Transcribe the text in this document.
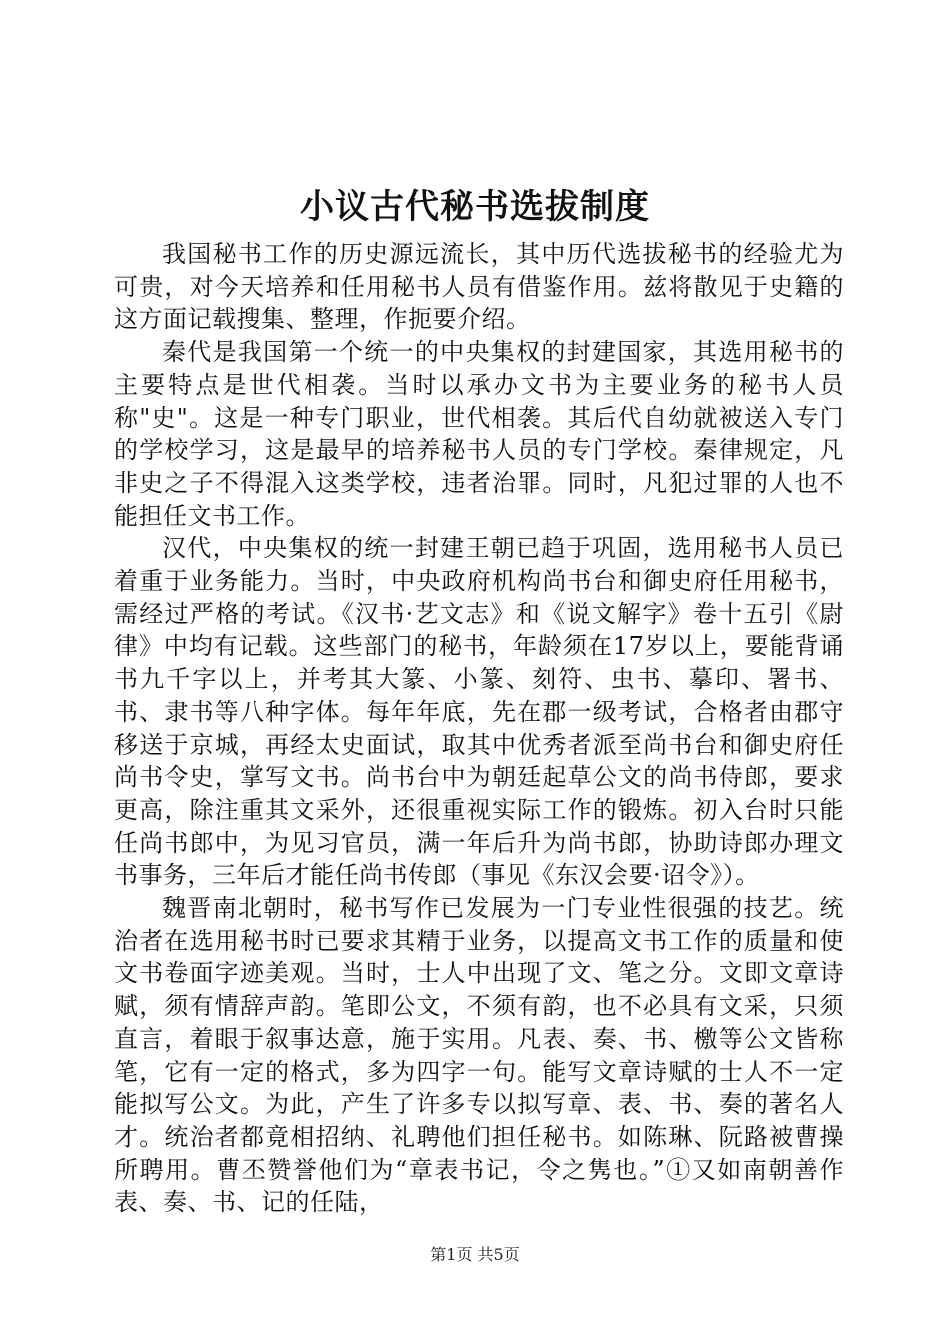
小议古代秘书选拔制度

我国秘书工作的历史源远流长，其中历代选拔秘书的经验尤为可贵，对今天培养和任用秘书人员有借鉴作用。兹将散见于史籍的这方面记载搜集、整理，作扼要介绍。

秦代是我国第一个统一的中央集权的封建国家，其选用秘书的主要特点是世代相袭。当时以承办文书为主要业务的秘书人员称"史"。这是一种专门职业，世代相袭。其后代自幼就被送入专门的学校学习，这是最早的培养秘书人员的专门学校。秦律规定，凡非史之子不得混入这类学校，违者治罪。同时，凡犯过罪的人也不能担任文书工作。

汉代，中央集权的统一封建王朝已趋于巩固，选用秘书人员已着重于业务能力。当时，中央政府机构尚书台和御史府任用秘书，需经过严格的考试。《汉书·艺文志》和《说文解字》卷十五引《尉律》中均有记载。这些部门的秘书，年龄须在17岁以上，要能背诵书九千字以上，并考其大篆、小篆、刻符、虫书、摹印、署书、书、隶书等八种字体。每年年底，先在郡一级考试，合格者由郡守移送于京城，再经太史面试，取其中优秀者派至尚书台和御史府任尚书令史，掌写文书。尚书台中为朝廷起草公文的尚书侍郎，要求更高，除注重其文采外，还很重视实际工作的锻炼。初入台时只能任尚书郎中，为见习官员，满一年后升为尚书郎，协助诗郎办理文书事务，三年后才能任尚书传郎（事见《东汉会要·诏令》）。

魏晋南北朝时，秘书写作已发展为一门专业性很强的技艺。统治者在选用秘书时已要求其精于业务，以提高文书工作的质量和使文书卷面字迹美观。当时，士人中出现了文、笔之分。文即文章诗赋，须有情辞声韵。笔即公文，不须有韵，也不必具有文采，只须直言，着眼于叙事达意，施于实用。凡表、奏、书、檄等公文皆称笔，它有一定的格式，多为四字一句。能写文章诗赋的士人不一定能拟写公文。为此，产生了许多专以拟写章、表、书、奏的著名人才。统治者都竟相招纳、礼聘他们担任秘书。如陈琳、阮路被曹操所聘用。曹丕赞誉他们为“章表书记，令之隽也。”①又如南朝善作表、奏、书、记的任陆，

第1页 共5页
